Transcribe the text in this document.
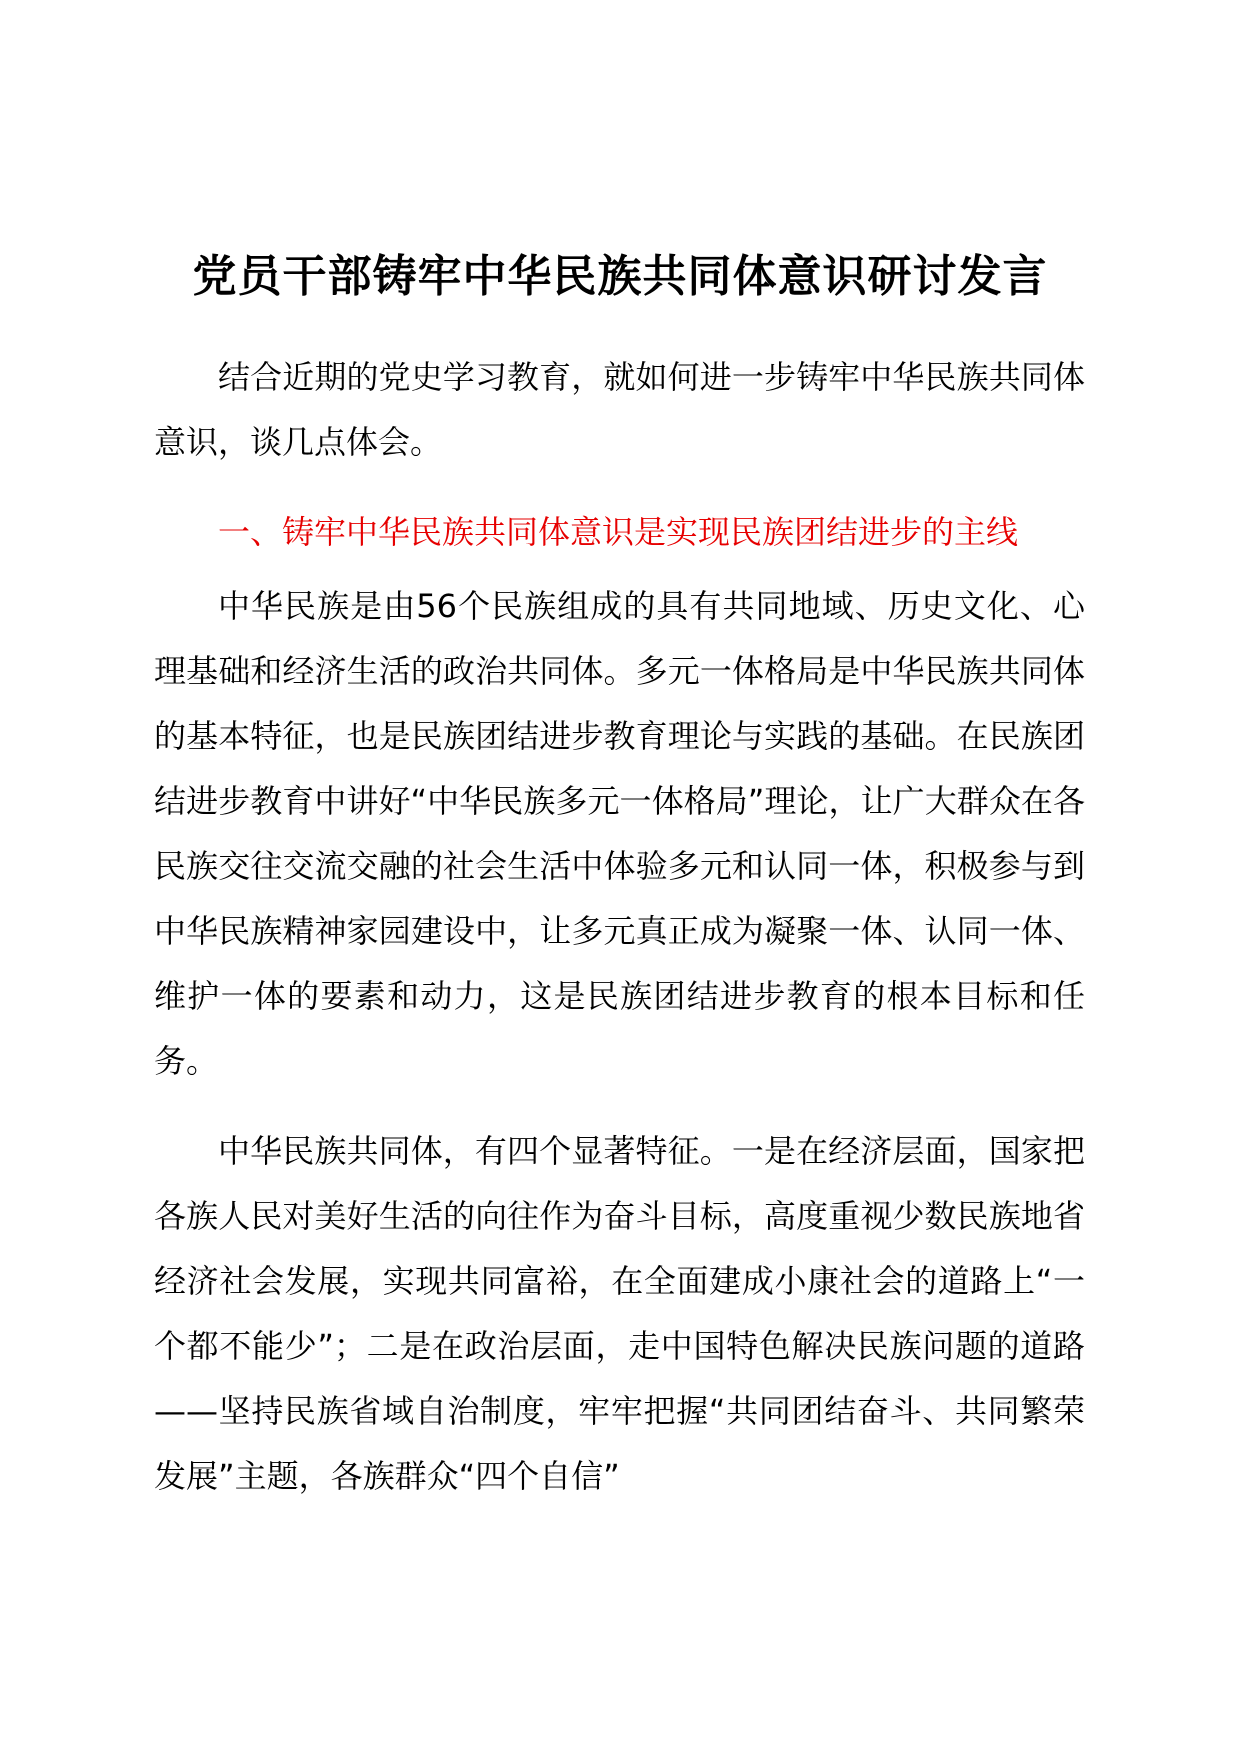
党员干部铸牢中华民族共同体意识研讨发言

结合近期的党史学习教育，就如何进一步铸牢中华民族共同体意识，谈几点体会。

一、铸牢中华民族共同体意识是实现民族团结进步的主线

中华民族是由56个民族组成的具有共同地域、历史文化、心理基础和经济生活的政治共同体。多元一体格局是中华民族共同体的基本特征，也是民族团结进步教育理论与实践的基础。在民族团结进步教育中讲好“中华民族多元一体格局”理论，让广大群众在各民族交往交流交融的社会生活中体验多元和认同一体，积极参与到中华民族精神家园建设中，让多元真正成为凝聚一体、认同一体、维护一体的要素和动力，这是民族团结进步教育的根本目标和任务。

中华民族共同体，有四个显著特征。一是在经济层面，国家把各族人民对美好生活的向往作为奋斗目标，高度重视少数民族地省经济社会发展，实现共同富裕，在全面建成小康社会的道路上“一个都不能少”；二是在政治层面，走中国特色解决民族问题的道路——坚持民族省域自治制度，牢牢把握“共同团结奋斗、共同繁荣发展”主题，各族群众“四个自信”
